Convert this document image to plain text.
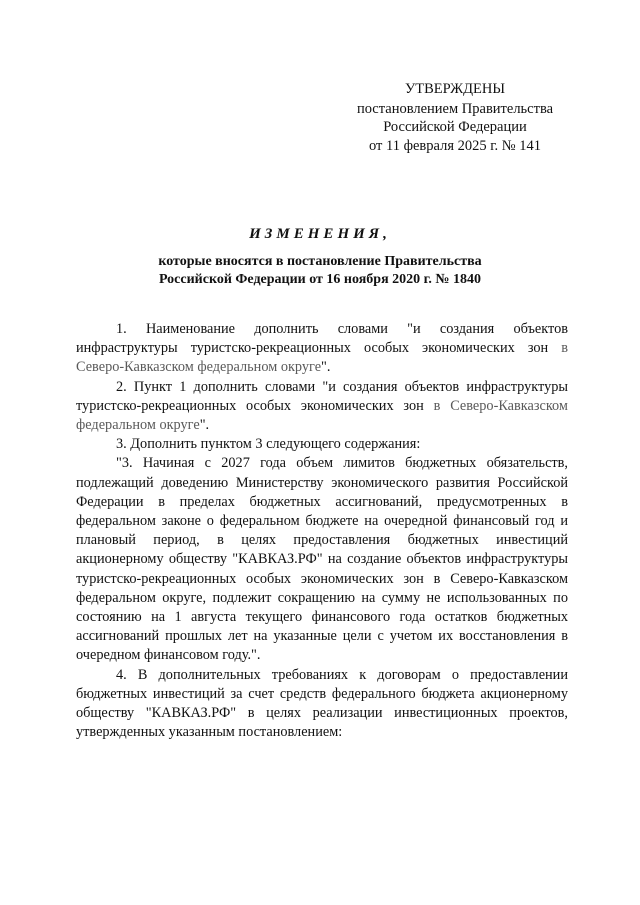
УТВЕРЖДЕНЫ
постановлением Правительства
Российской Федерации
от 11 февраля 2025 г. № 141
ИЗМЕНЕНИЯ,
которые вносятся в постановление Правительства
Российской Федерации от 16 ноября 2020 г. № 1840

1. Наименование дополнить словами "и создания объектов инфраструктуры туристско-рекреационных особых экономических зон в Северо-Кавказском федеральном округе".

2. Пункт 1 дополнить словами "и создания объектов инфраструктуры туристско-рекреационных особых экономических зон в Северо-Кавказском федеральном округе".

3. Дополнить пунктом 3 следующего содержания:

"3. Начиная с 2027 года объем лимитов бюджетных обязательств, подлежащий доведению Министерству экономического развития Российской Федерации в пределах бюджетных ассигнований, предусмотренных в федеральном законе о федеральном бюджете на очередной финансовый год и плановый период, в целях предоставления бюджетных инвестиций акционерному обществу "КАВКАЗ.РФ" на создание объектов инфраструктуры туристско-рекреационных особых экономических зон в Северо-Кавказском федеральном округе, подлежит сокращению на сумму не использованных по состоянию на 1 августа текущего финансового года остатков бюджетных ассигнований прошлых лет на указанные цели с учетом их восстановления в очередном финансовом году.".

4. В дополнительных требованиях к договорам о предоставлении бюджетных инвестиций за счет средств федерального бюджета акционерному обществу "КАВКАЗ.РФ" в целях реализации инвестиционных проектов, утвержденных указанным постановлением:
